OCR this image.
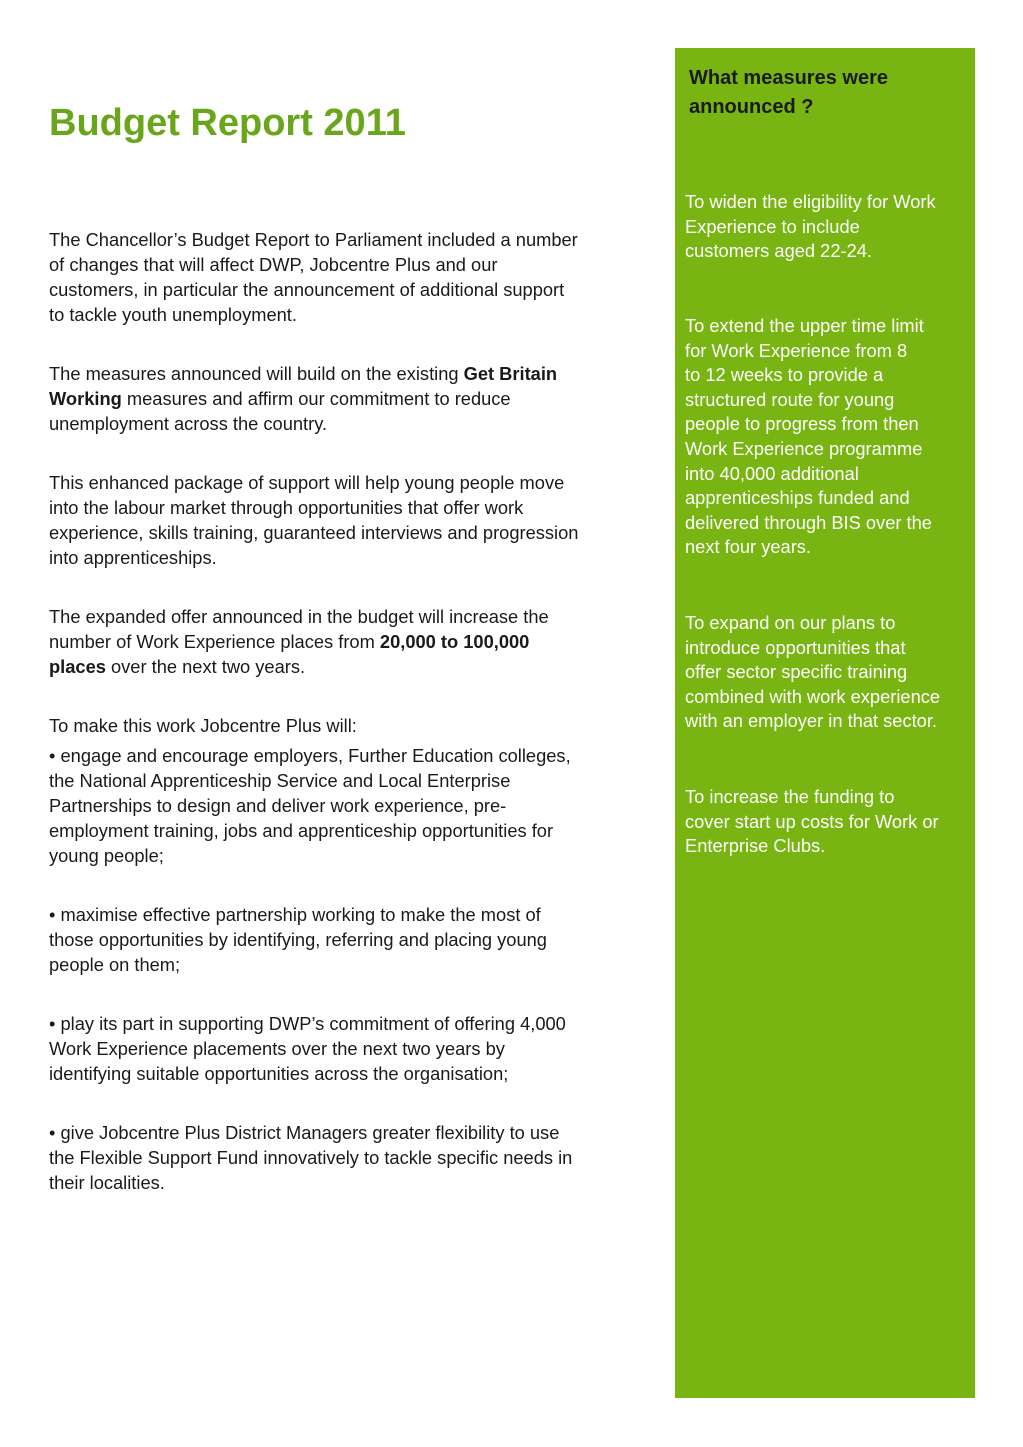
Budget Report 2011

The Chancellor’s Budget Report to Parliament included a number
of changes that will affect DWP, Jobcentre Plus and our
customers, in particular the announcement of additional support
to tackle youth unemployment.

The measures announced will build on the existing Get Britain
Working measures and affirm our commitment to reduce
unemployment across the country.

This enhanced package of support will help young people move
into the labour market through opportunities that offer work
experience, skills training, guaranteed interviews and progression
into apprenticeships.

The expanded offer announced in the budget will increase the
number of Work Experience places from 20,000 to 100,000
places over the next two years.

To make this work Jobcentre Plus will:

• engage and encourage employers, Further Education colleges,
the National Apprenticeship Service and Local Enterprise
Partnerships to design and deliver work experience, pre-
employment training, jobs and apprenticeship opportunities for
young people;

• maximise effective partnership working to make the most of
those opportunities by identifying, referring and placing young
people on them;

• play its part in supporting DWP’s commitment of offering 4,000
Work Experience placements over the next two years by
identifying suitable opportunities across the organisation;

• give Jobcentre Plus District Managers greater flexibility to use
the Flexible Support Fund innovatively to tackle specific needs in
their localities.

What measures were
announced ?

To widen the eligibility for Work
Experience to include
customers aged 22-24.

To extend the upper time limit
for Work Experience from 8
to 12 weeks to provide a
structured route for young
people to progress from then
Work Experience programme
into 40,000 additional
apprenticeships funded and
delivered through BIS over the
next four years.

To expand on our plans to
introduce opportunities that
offer sector specific training
combined with work experience
with an employer in that sector.

To increase the funding to
cover start up costs for Work or
Enterprise Clubs.
